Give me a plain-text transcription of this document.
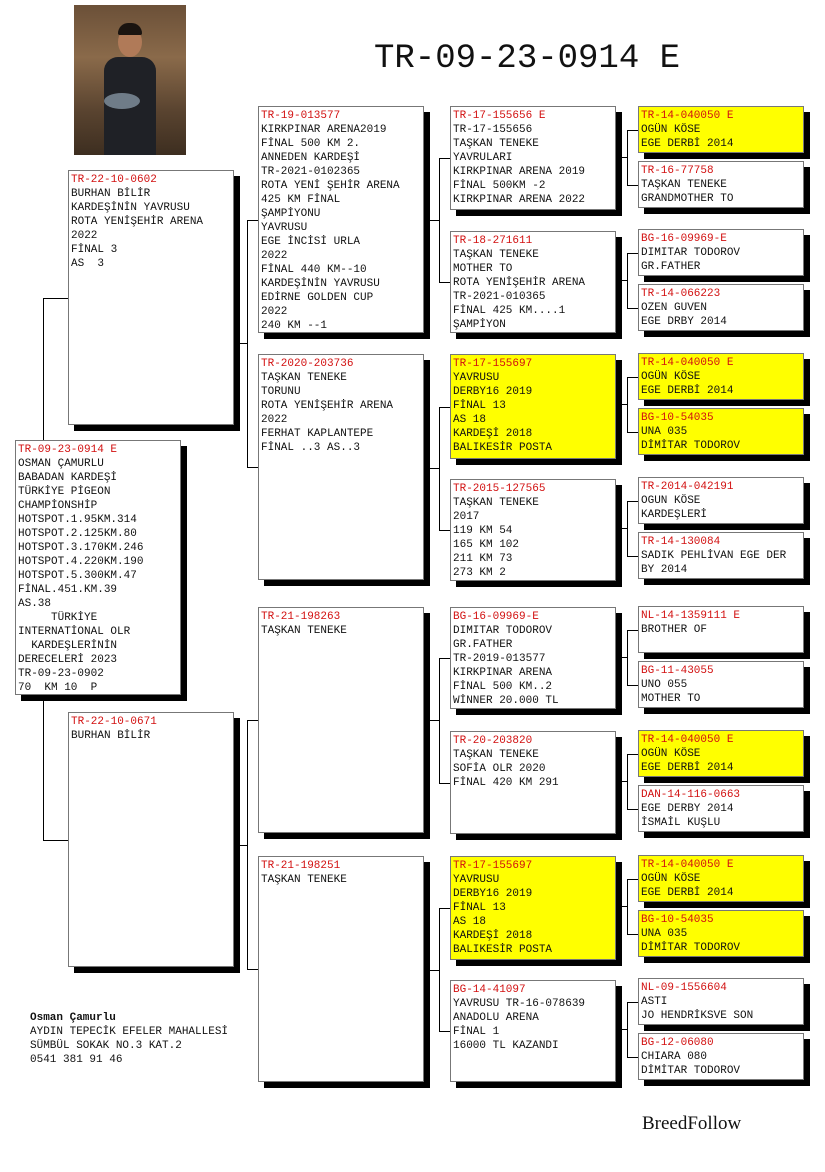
TR-09-23-0914 E
TR-09-23-0914 E
OSMAN ÇAMURLU
BABADAN KARDEŞİ
TÜRKİYE PİGEON
CHAMPİONSHİP
HOTSPOT.1.95KM.314
HOTSPOT.2.125KM.80
HOTSPOT.3.170KM.246
HOTSPOT.4.220KM.190
HOTSPOT.5.300KM.47
FİNAL.451.KM.39
AS.38
TÜRKİYE
INTERNATİONAL OLR
KARDEŞLERİNİN
DERECELERİ 2023
TR-09-23-0902
70  KM 10  P
TR-22-10-0602
BURHAN BİLİR
KARDEŞİNİN YAVRUSU
ROTA YENİŞEHİR ARENA
2022
FİNAL 3
AS  3
TR-22-10-0671
BURHAN BİLİR
TR-19-013577
KIRKPINAR ARENA2019
FİNAL 500 KM 2.
ANNEDEN KARDEŞİ
TR-2021-0102365
ROTA YENİ ŞEHİR ARENA
425 KM FİNAL
ŞAMPİYONU
YAVRUSU
EGE İNCİSİ URLA
2022
FİNAL 440 KM--10
KARDEŞİNİN YAVRUSU
EDİRNE GOLDEN CUP
2022
240 KM --1
TR-2020-203736
TAŞKAN TENEKE
TORUNU
ROTA YENİŞEHİR ARENA
2022
FERHAT KAPLANTEPE
FİNAL ..3 AS..3
TR-21-198263
TAŞKAN TENEKE
TR-21-198251
TAŞKAN TENEKE
TR-17-155656 E
TR-17-155656
TAŞKAN TENEKE
YAVRULARI
KIRKPINAR ARENA 2019
FİNAL 500KM -2
KIRKPINAR ARENA 2022
TR-18-271611
TAŞKAN TENEKE
MOTHER TO
ROTA YENİŞEHİR ARENA
TR-2021-010365
FİNAL 425 KM....1
ŞAMPİYON
TR-17-155697
YAVRUSU
DERBY16 2019
FİNAL 13
AS 18
KARDEŞİ 2018
BALIKESİR POSTA
TR-2015-127565
TAŞKAN TENEKE
2017
119 KM 54
165 KM 102
211 KM 73
273 KM 2
BG-16-09969-E
DIMITAR TODOROV
GR.FATHER
TR-2019-013577
KIRKPINAR ARENA
FİNAL 500 KM..2
WİNNER 20.000 TL
TR-20-203820
TAŞKAN TENEKE
SOFİA OLR 2020
FİNAL 420 KM 291
TR-17-155697
YAVRUSU
DERBY16 2019
FİNAL 13
AS 18
KARDEŞİ 2018
BALIKESİR POSTA
BG-14-41097
YAVRUSU TR-16-078639
ANADOLU ARENA
FİNAL 1
16000 TL KAZANDI
TR-14-040050 E
OGÜN KÖSE
EGE DERBİ 2014
TR-16-77758
TAŞKAN TENEKE
GRANDMOTHER TO
BG-16-09969-E
DIMITAR TODOROV
GR.FATHER
TR-14-066223
OZEN GUVEN
EGE DRBY 2014
TR-14-040050 E
OGÜN KÖSE
EGE DERBİ 2014
BG-10-54035
UNA 035
DİMİTAR TODOROV
TR-2014-042191
OGUN KÖSE
KARDEŞLERİ
TR-14-130084
SADIK PEHLİVAN EGE DER
BY 2014
NL-14-1359111 E
BROTHER OF
BG-11-43055
UNO 055
MOTHER TO
TR-14-040050 E
OGÜN KÖSE
EGE DERBİ 2014
DAN-14-116-0663
EGE DERBY 2014
İSMAİL KUŞLU
TR-14-040050 E
OGÜN KÖSE
EGE DERBİ 2014
BG-10-54035
UNA 035
DİMİTAR TODOROV
NL-09-1556604
ASTI
JO HENDRİKSVE SON
BG-12-06080
CHIARA 080
DİMİTAR TODOROV
Osman Çamurlu
AYDIN TEPECİK EFELER MAHALLESİ
SÜMBÜL SOKAK NO.3 KAT.2
0541 381 91 46
BreedFollow
